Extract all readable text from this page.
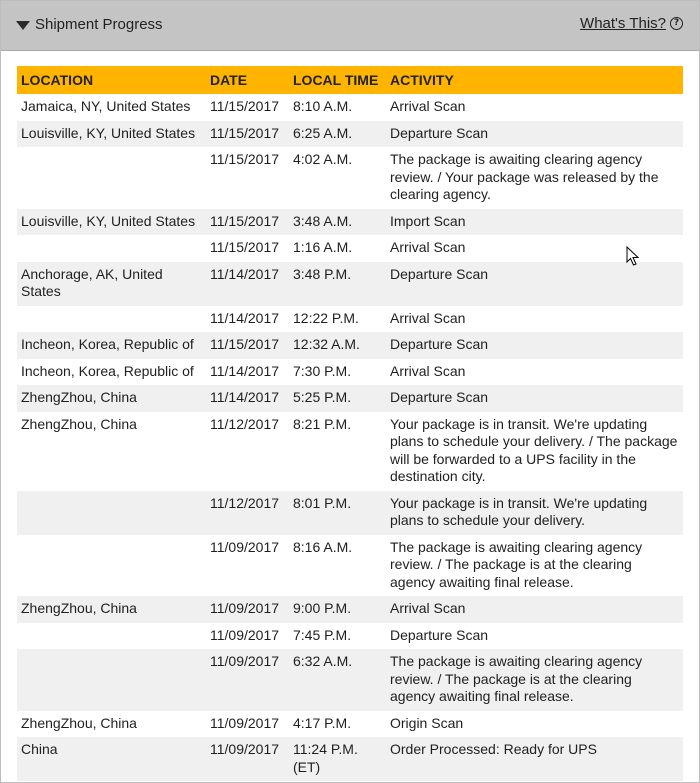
Shipment Progress	What's This? ?
LOCATION	DATE	LOCAL TIME	ACTIVITY
Jamaica, NY, United States	11/15/2017	8:10 A.M.	Arrival Scan
Louisville, KY, United States	11/15/2017	6:25 A.M.	Departure Scan
	11/15/2017	4:02 A.M.	The package is awaiting clearing agency review. / Your package was released by the clearing agency.
Louisville, KY, United States	11/15/2017	3:48 A.M.	Import Scan
	11/15/2017	1:16 A.M.	Arrival Scan
Anchorage, AK, United States	11/14/2017	3:48 P.M.	Departure Scan
	11/14/2017	12:22 P.M.	Arrival Scan
Incheon, Korea, Republic of	11/15/2017	12:32 A.M.	Departure Scan
Incheon, Korea, Republic of	11/14/2017	7:30 P.M.	Arrival Scan
ZhengZhou, China	11/14/2017	5:25 P.M.	Departure Scan
ZhengZhou, China	11/12/2017	8:21 P.M.	Your package is in transit. We're updating plans to schedule your delivery. / The package will be forwarded to a UPS facility in the destination city.
	11/12/2017	8:01 P.M.	Your package is in transit. We're updating plans to schedule your delivery.
	11/09/2017	8:16 A.M.	The package is awaiting clearing agency review. / The package is at the clearing agency awaiting final release.
ZhengZhou, China	11/09/2017	9:00 P.M.	Arrival Scan
	11/09/2017	7:45 P.M.	Departure Scan
	11/09/2017	6:32 A.M.	The package is awaiting clearing agency review. / The package is at the clearing agency awaiting final release.
ZhengZhou, China	11/09/2017	4:17 P.M.	Origin Scan
China	11/09/2017	11:24 P.M. (ET)	Order Processed: Ready for UPS
